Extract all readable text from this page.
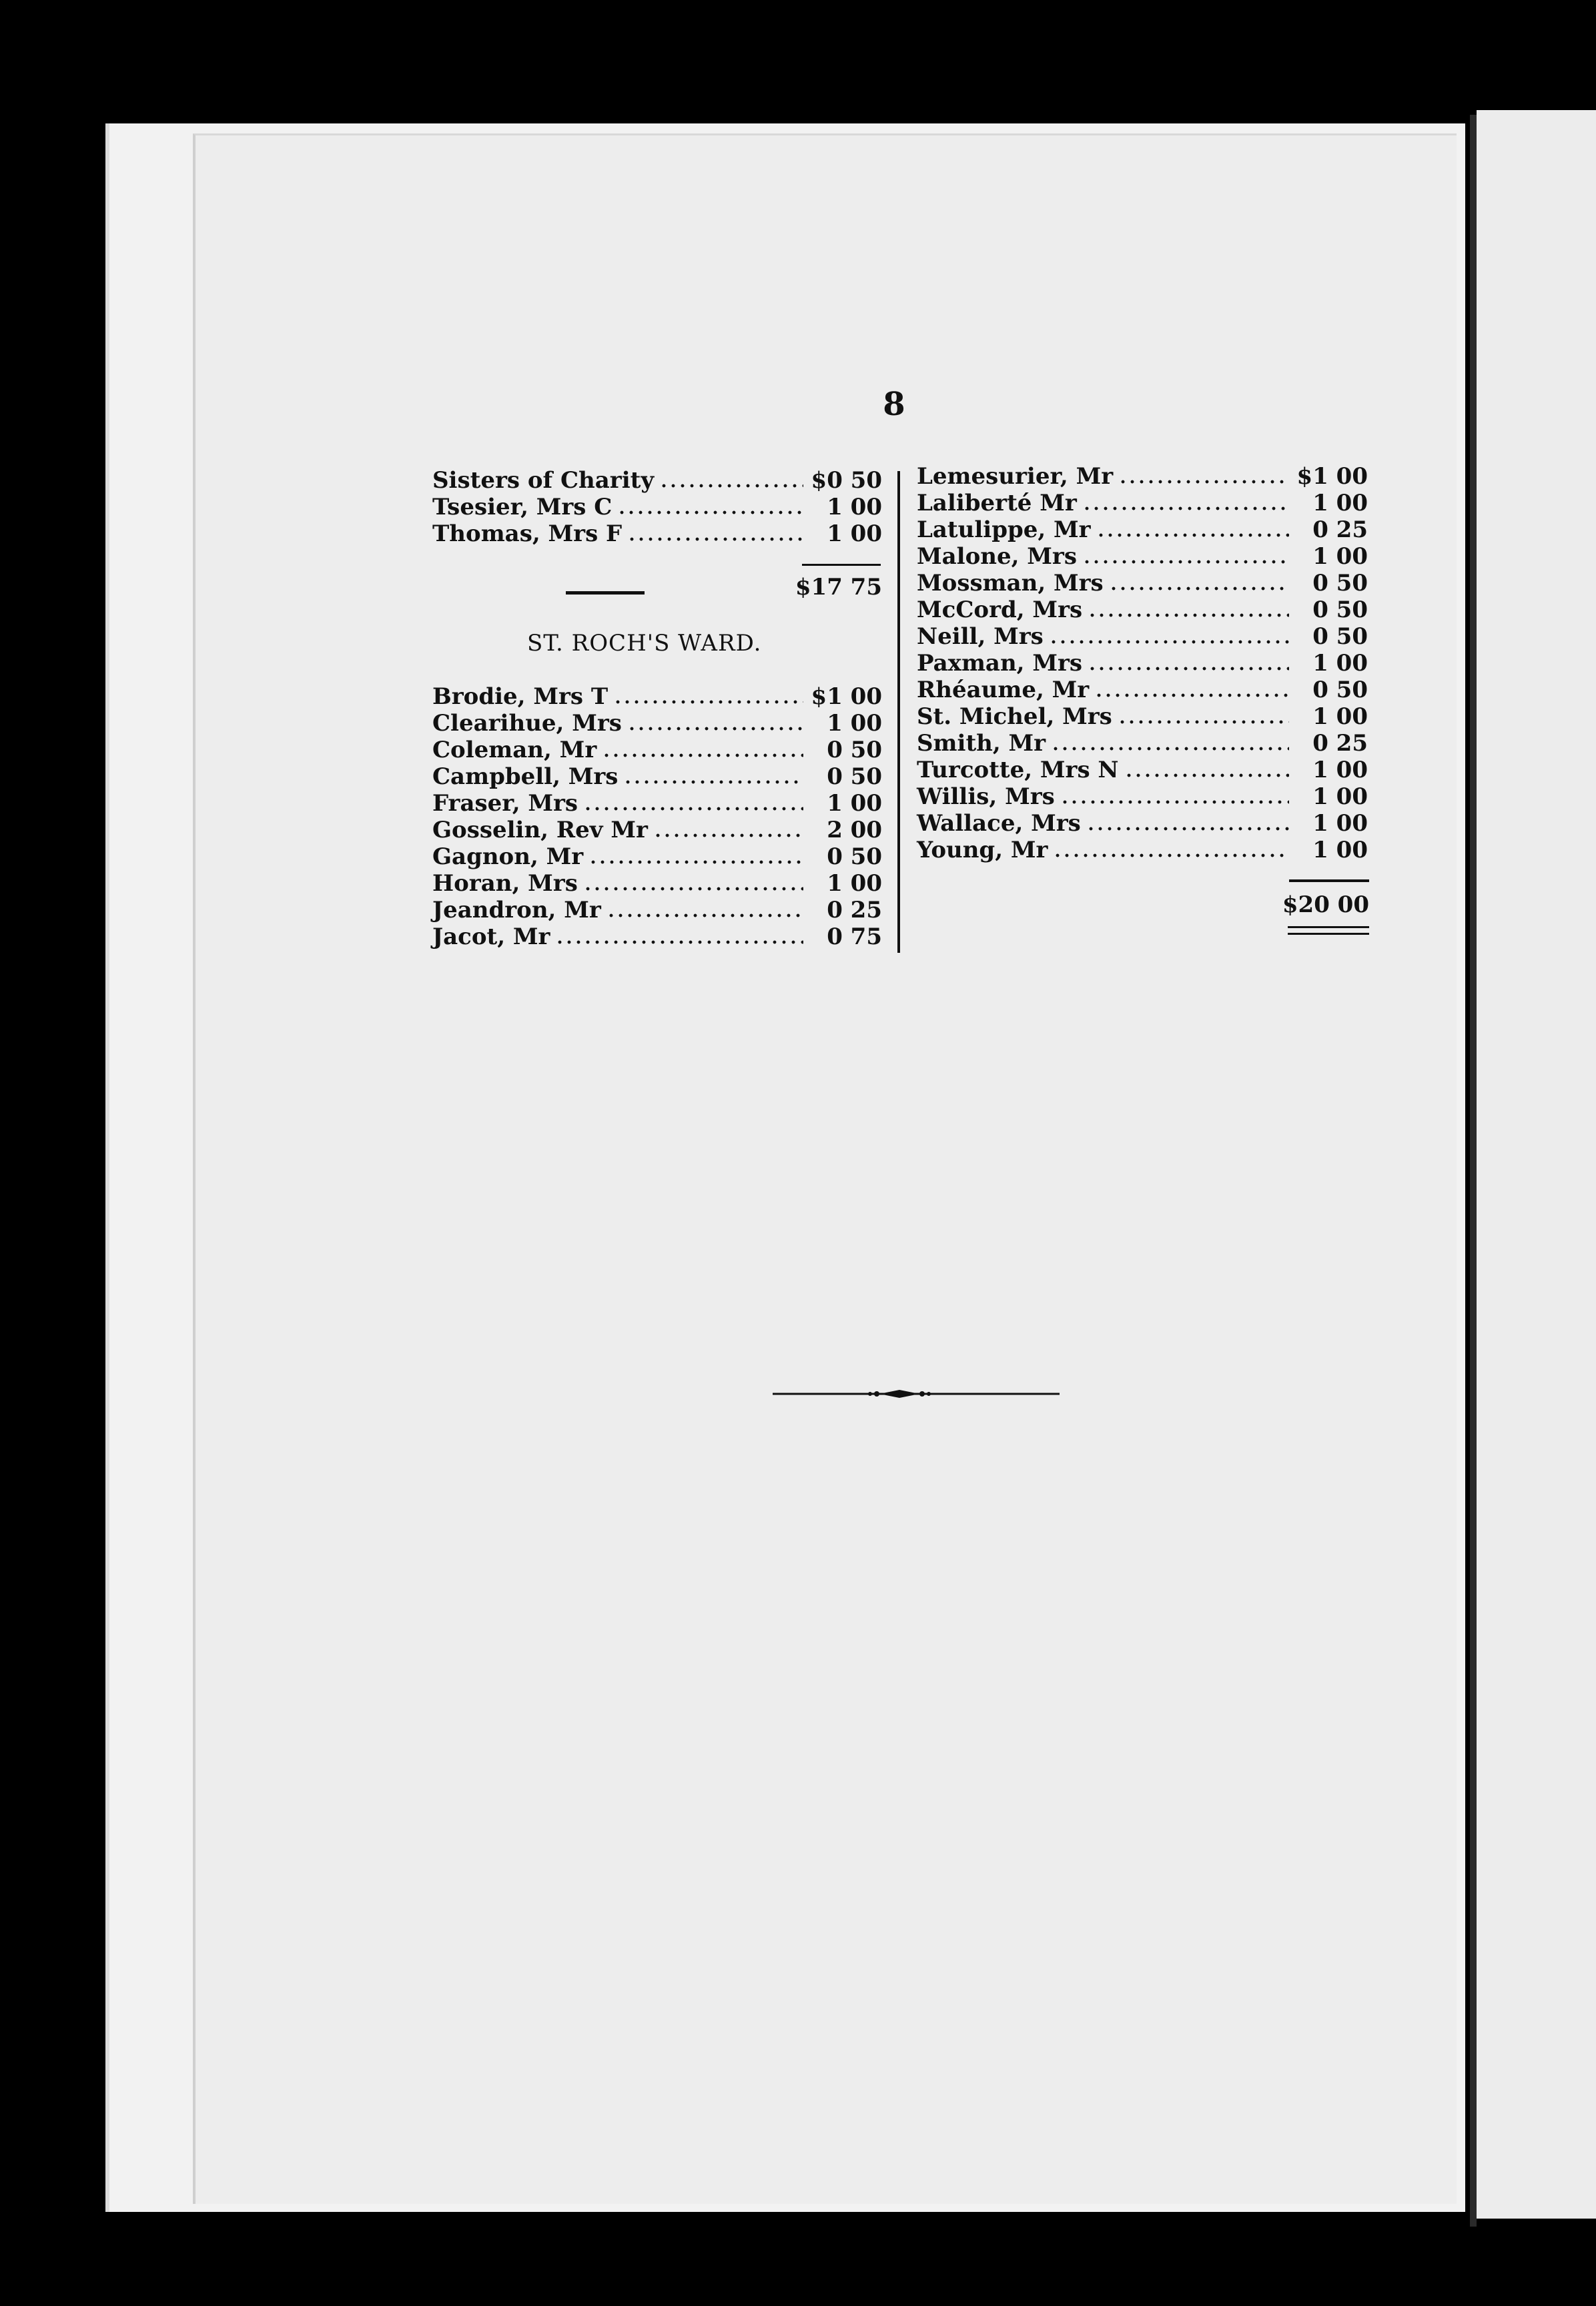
8
Sisters of Charity	$0 50
Tsesier, Mrs C	1 00
Thomas, Mrs F	1 00
$17 75
ST. ROCH'S WARD.
Brodie, Mrs T	$1 00
Clearihue, Mrs	1 00
Coleman, Mr	0 50
Campbell, Mrs	0 50
Fraser, Mrs	1 00
Gosselin, Rev Mr	2 00
Gagnon, Mr	0 50
Horan, Mrs	1 00
Jeandron, Mr	0 25
Jacot, Mr	0 75
Lemesurier, Mr	$1 00
Laliberté Mr	1 00
Latulippe, Mr	0 25
Malone, Mrs	1 00
Mossman, Mrs	0 50
McCord, Mrs	0 50
Neill, Mrs	0 50
Paxman, Mrs	1 00
Rhéaume, Mr	0 50
St. Michel, Mrs	1 00
Smith, Mr	0 25
Turcotte, Mrs N	1 00
Willis, Mrs	1 00
Wallace, Mrs	1 00
Young, Mr	1 00
$20 00
